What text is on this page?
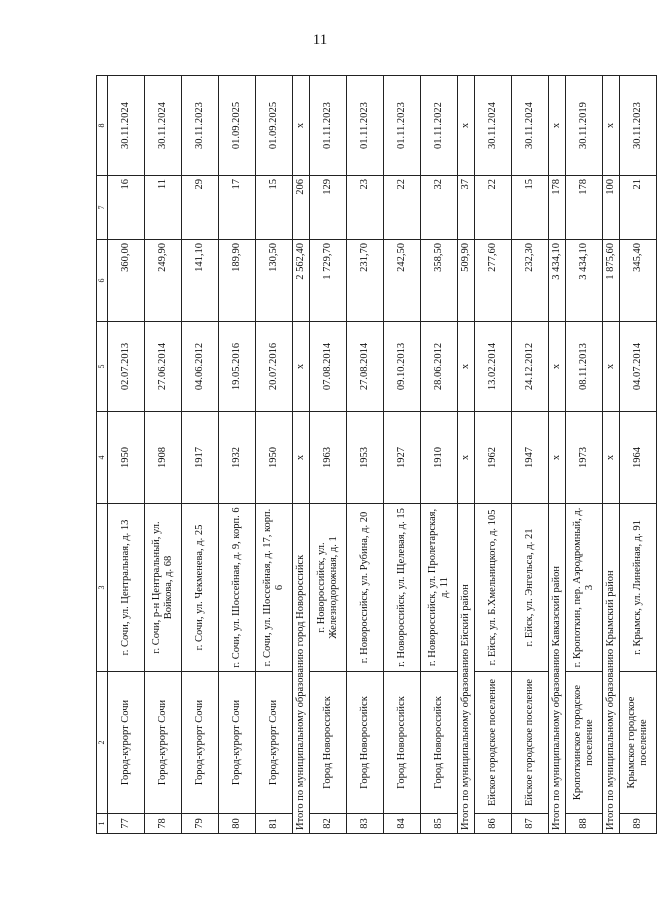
11
1	2	3	4	5	6	7	8
77	Город-курорт Сочи	г. Сочи, ул. Центральная, д. 13	1950	02.07.2013	360,00	16	30.11.2024
78	Город-курорт Сочи	г. Сочи, р-н Центральный, ул. Войкова, д. 68	1908	27.06.2014	249,90	11	30.11.2024
79	Город-курорт Сочи	г. Сочи, ул. Чекменева, д. 25	1917	04.06.2012	141,10	29	30.11.2023
80	Город-курорт Сочи	г. Сочи, ул. Шоссейная, д. 9, корп. 6	1932	19.05.2016	189,90	17	01.09.2025
81	Город-курорт Сочи	г. Сочи, ул. Шоссейная, д. 17, корп. 6	1950	20.07.2016	130,50	15	01.09.2025
Итого по муниципальному образованию город Новороссийск			х	х	2 562,40	206	х
82	Город Новороссийск	г. Новороссийск, ул. Железнодорожная, д. 1	1963	07.08.2014	1 729,70	129	01.11.2023
83	Город Новороссийск	г. Новороссийск, ул. Рубина, д. 20	1953	27.08.2014	231,70	23	01.11.2023
84	Город Новороссийск	г. Новороссийск, ул. Щелевая, д. 15	1927	09.10.2013	242,50	22	01.11.2023
85	Город Новороссийск	г. Новороссийск, ул. Пролетарская, д. 11	1910	28.06.2012	358,50	32	01.11.2022
Итого по муниципальному образованию Ейский район			х	х	509,90	37	х
86	Ейское городское поселение	г. Ейск, ул. Б.Хмельницкого, д. 105	1962	13.02.2014	277,60	22	30.11.2024
87	Ейское городское поселение	г. Ейск, ул. Энгельса, д. 21	1947	24.12.2012	232,30	15	30.11.2024
Итого по муниципальному образованию Кавказский район			х	х	3 434,10	178	х
88	Кропоткинское городское поселение	г. Кропоткин, пер. Аэродромный, д. 3	1973	08.11.2013	3 434,10	178	30.11.2019
Итого по муниципальному образованию Крымский район			х	х	1 875,60	100	х
89	Крымское городское поселение	г. Крымск, ул. Линейная, д. 91	1964	04.07.2014	345,40	21	30.11.2023
